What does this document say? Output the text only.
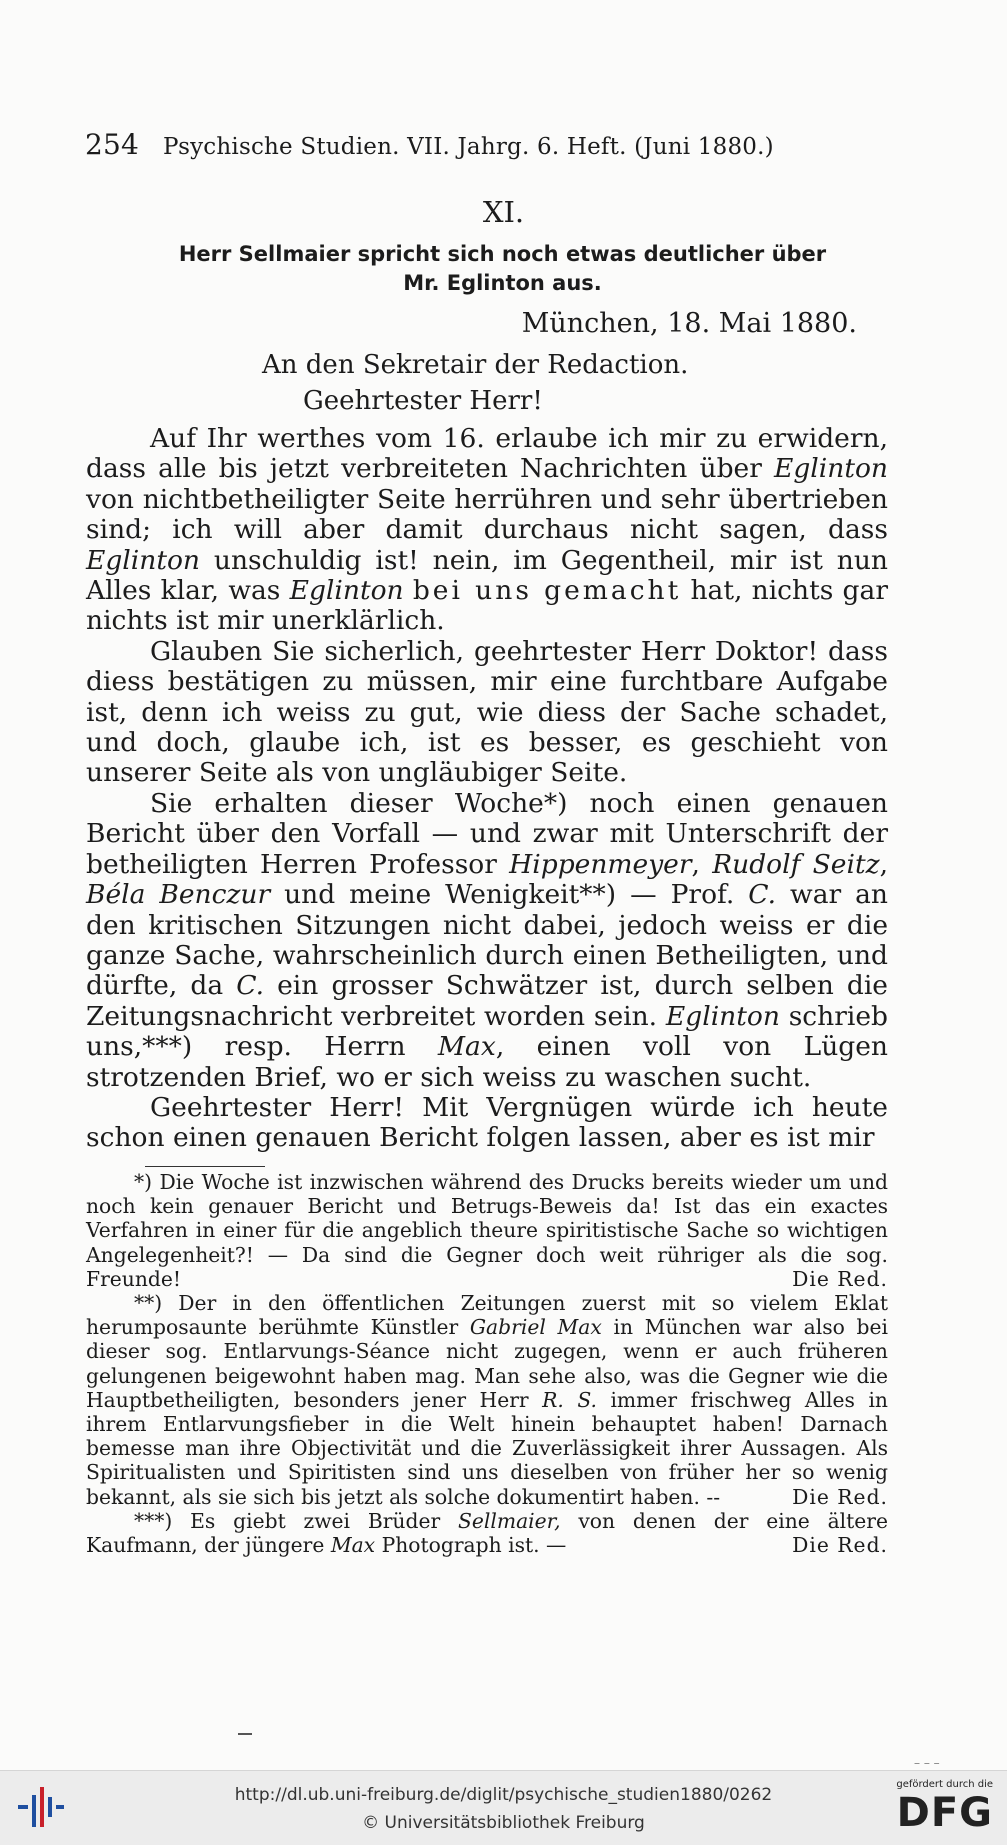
254 Psychische Studien. VII. Jahrg. 6. Heft. (Juni 1880.)
XI.
Herr Sellmaier spricht sich noch etwas deutlicher über
Mr. Eglinton aus.
München, 18. Mai 1880.
An den Sekretair der Redaction.
Geehrtester Herr!

Auf Ihr werthes vom 16. erlaube ich mir zu erwidern, dass alle bis jetzt verbreiteten Nachrichten über Eglinton von nichtbetheiligter Seite herrühren und sehr übertrieben sind; ich will aber damit durchaus nicht sagen, dass Eglinton unschuldig ist! nein, im Gegentheil, mir ist nun Alles klar, was Eglinton bei uns gemacht hat, nichts gar nichts ist mir unerklärlich.

Glauben Sie sicherlich, geehrtester Herr Doktor! dass diess bestätigen zu müssen, mir eine furchtbare Aufgabe ist, denn ich weiss zu gut, wie diess der Sache schadet, und doch, glaube ich, ist es besser, es geschieht von unserer Seite als von ungläubiger Seite.

Sie erhalten dieser Woche*) noch einen genauen Bericht über den Vorfall — und zwar mit Unterschrift der betheiligten Herren Professor Hippenmeyer, Rudolf Seitz, Béla Benczur und meine Wenigkeit**) — Prof. C. war an den kritischen Sitzungen nicht dabei, jedoch weiss er die ganze Sache, wahrscheinlich durch einen Betheiligten, und dürfte, da C. ein grosser Schwätzer ist, durch selben die Zeitungsnachricht verbreitet worden sein. Eglinton schrieb uns,***) resp. Herrn Max, einen voll von Lügen strotzenden Brief, wo er sich weiss zu waschen sucht.

Geehrtester Herr! Mit Vergnügen würde ich heute schon einen genauen Bericht folgen lassen, aber es ist mir

*) Die Woche ist inzwischen während des Drucks bereits wieder um und noch kein genauer Bericht und Betrugs-Beweis da! Ist das ein exactes Verfahren in einer für die angeblich theure spiritistische Sache so wichtigen Angelegenheit?! — Da sind die Gegner doch weit rühriger als die sog. Freunde!	Die Red.

**) Der in den öffentlichen Zeitungen zuerst mit so vielem Eklat herumposaunte berühmte Künstler Gabriel Max in München war also bei dieser sog. Entlarvungs-Séance nicht zugegen, wenn er auch früheren gelungenen beigewohnt haben mag. Man sehe also, was die Gegner wie die Hauptbetheiligten, besonders jener Herr R. S. immer frischweg Alles in ihrem Entlarvungsfieber in die Welt hinein behauptet haben! Darnach bemesse man ihre Objectivität und die Zuverlässigkeit ihrer Aussagen. Als Spiritualisten und Spiritisten sind uns dieselben von früher her so wenig bekannt, als sie sich bis jetzt als solche dokumentirt haben. --	Die Red.

***) Es giebt zwei Brüder Sellmaier, von denen der eine ältere Kaufmann, der jüngere Max Photograph ist. —	Die Red.

– – –
http://dl.ub.uni-freiburg.de/diglit/psychische_studien1880/0262
© Universitätsbibliothek Freiburg
gefördert durch die
DFG
